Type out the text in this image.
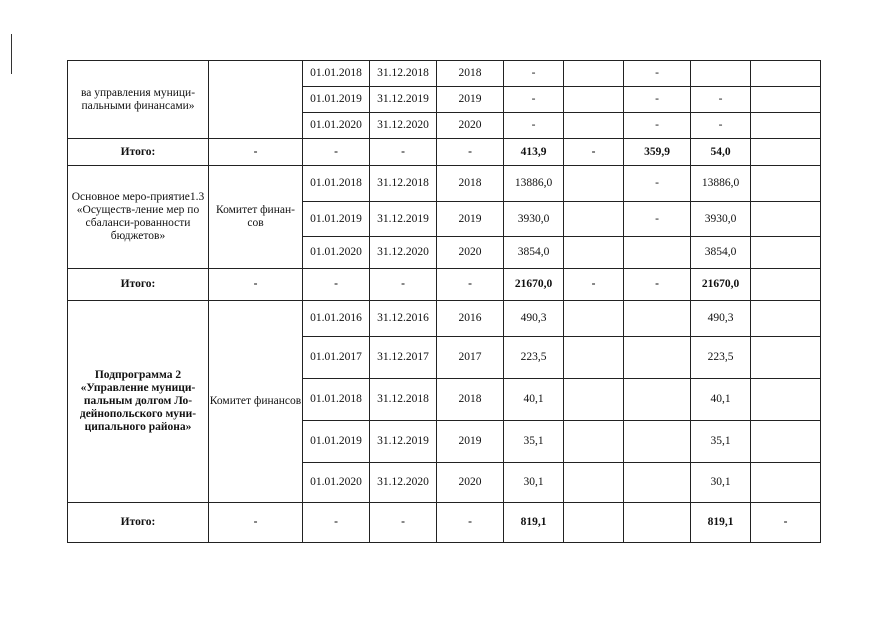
ва управления муници-пальными финансами»		01.01.2018	31.12.2018	2018	-		-		
		01.01.2019	31.12.2019	2019	-		-	-	
		01.01.2020	31.12.2020	2020	-		-	-	
Итого:	-	-	-	-	413,9	-	359,9	54,0	
Основное меро-приятие1.3 «Осуществ-ление мер по сбаланси-рованности бюджетов»	Комитет финан-сов	01.01.2018	31.12.2018	2018	13886,0		-	13886,0	
		01.01.2019	31.12.2019	2019	3930,0		-	3930,0	
		01.01.2020	31.12.2020	2020	3854,0			3854,0	
Итого:	-	-	-	-	21670,0	-	-	21670,0	
Подпрограмма 2 «Управление муници-пальным долгом Ло-дейнопольского муни-ципального района»	Комитет финансов	01.01.2016	31.12.2016	2016	490,3			490,3	
		01.01.2017	31.12.2017	2017	223,5			223,5	
		01.01.2018	31.12.2018	2018	40,1			40,1	
		01.01.2019	31.12.2019	2019	35,1			35,1	
		01.01.2020	31.12.2020	2020	30,1			30,1	
Итого:	-	-	-	-	819,1			819,1	-
